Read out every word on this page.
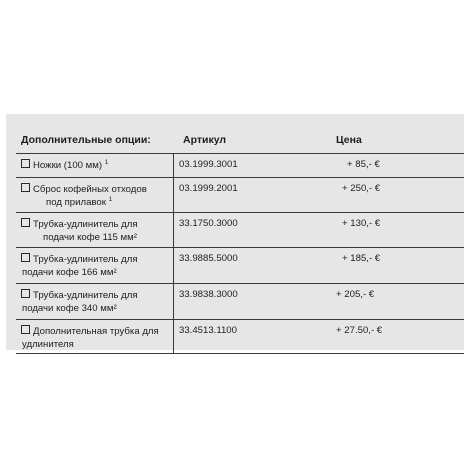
Дополнительные опции:	Артикул	Цена
Ножки (100 мм) $^1$	03.1999.3001	+ 85,- €
Сброс кофейных отходов
под прилавок $^1$
03.1999.2001	+ 250,- €
Трубка-удлинитель для
подачи кофе 115 мм²
33.1750.3000	+ 130,- €
Трубка-удлинитель для
подачи кофе 166 мм²
33.9885.5000	+ 185,- €
Трубка-удлинитель для
подачи кофе 340 мм²
33.9838.3000	+ 205,- €
Дополнительная трубка для
удлинителя
33.4513.1100	+ 27.50,- €
